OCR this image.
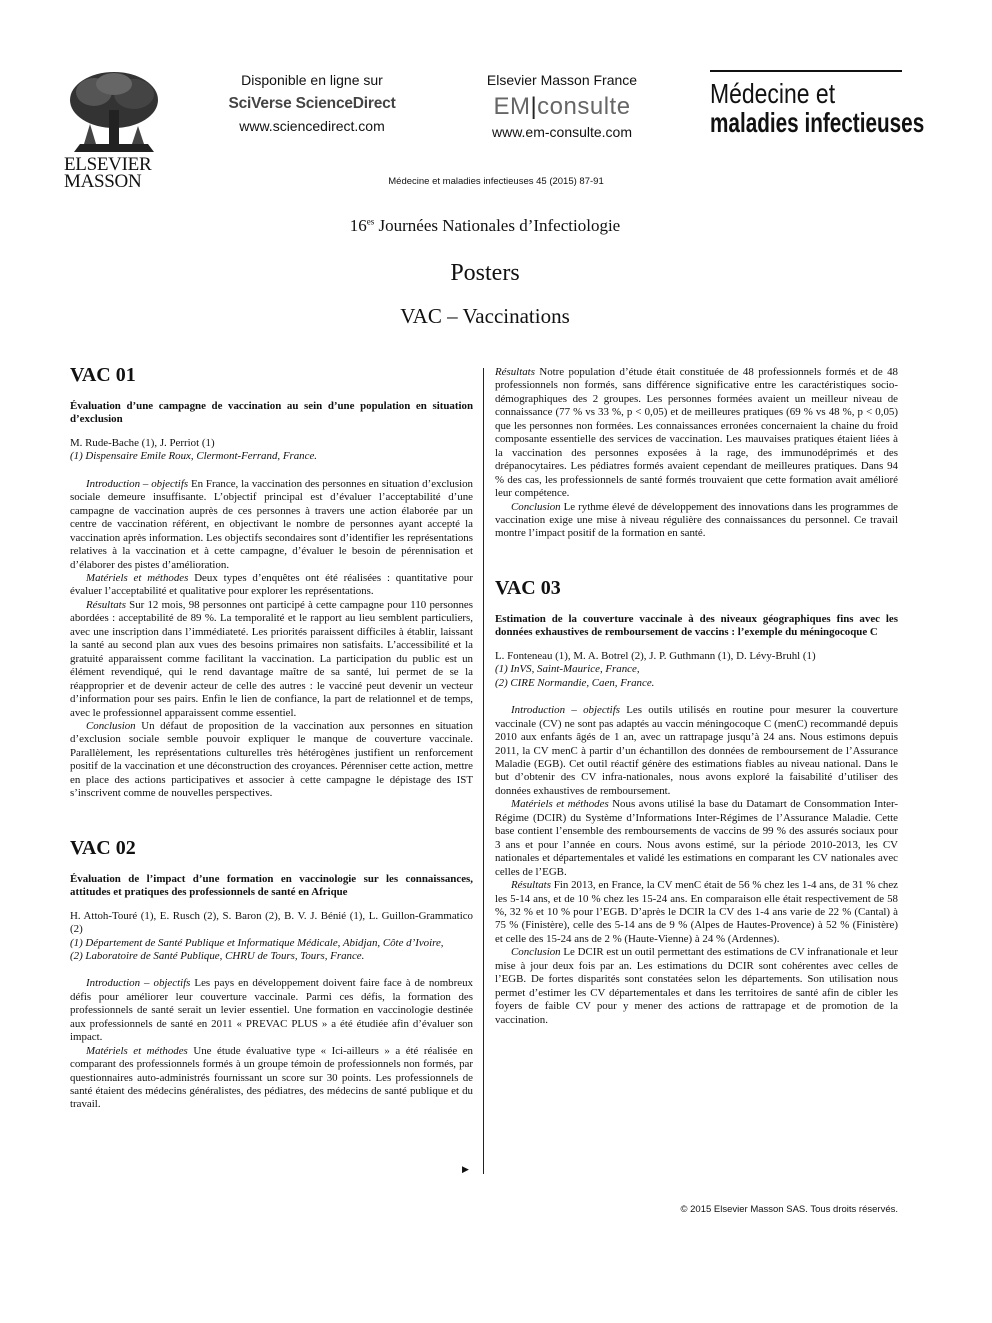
ELSEVIER
MASSON
Disponible en ligne sur
SciVerse ScienceDirect
www.sciencedirect.com
Elsevier Masson France
EM|consulte
www.em-consulte.com
Médecine et
maladies infectieuses
Médecine et maladies infectieuses 45 (2015) 87-91
$16^{es}$ Journées Nationales d’Infectiologie
Posters
VAC – Vaccinations
VAC 01
Évaluation d’une campagne de vaccination au sein d’une population en situation d’exclusion

M. Rude-Bache (1), J. Perriot (1)

(1) Dispensaire Emile Roux, Clermont-Ferrand, France.

Introduction – objectifs En France, la vaccination des personnes en situation d’exclusion sociale demeure insuffisante. L’objectif principal est d’évaluer l’acceptabilité d’une campagne de vaccination auprès de ces personnes à travers une action élaborée par un centre de vaccination référent, en objectivant le nombre de personnes ayant accepté la vaccination après information. Les objectifs secondaires sont d’identifier les représentations relatives à la vaccination et à cette campagne, d’évaluer le besoin de pérennisation et d’élaborer des pistes d’amélioration.

Matériels et méthodes Deux types d’enquêtes ont été réalisées : quantitative pour évaluer l’acceptabilité et qualitative pour explorer les représentations.

Résultats Sur 12 mois, 98 personnes ont participé à cette campagne pour 110 personnes abordées : acceptabilité de 89 %. La temporalité et le rapport au lieu semblent particuliers, avec une inscription dans l’immédiateté. Les priorités paraissent difficiles à établir, laissant la santé au second plan aux vues des besoins primaires non satisfaits. L’accessibilité et la gratuité apparaissent comme facilitant la vaccination. La participation du public est un élément revendiqué, qui le rend davantage maître de sa santé, lui permet de se la réapproprier et de devenir acteur de celle des autres : le vacciné peut devenir un vecteur d’information pour ses pairs. Enfin le lien de confiance, la part de relationnel et de temps, avec le professionnel apparaissent comme essentiel.

Conclusion Un défaut de proposition de la vaccination aux personnes en situation d’exclusion sociale semble pouvoir expliquer le manque de couverture vaccinale. Parallèlement, les représentations culturelles très hétérogènes justifient un renforcement positif de la vaccination et une déconstruction des croyances. Pérenniser cette action, mettre en place des actions participatives et associer à cette campagne le dépistage des IST s’inscrivent comme de nouvelles perspectives.

VAC 02
Évaluation de l’impact d’une formation en vaccinologie sur les connaissances, attitudes et pratiques des professionnels de santé en Afrique

H. Attoh-Touré (1), E. Rusch (2), S. Baron (2), B. V. J. Bénié (1), L. Guillon-Grammatico (2)

(1) Département de Santé Publique et Informatique Médicale, Abidjan, Côte d’Ivoire,

(2) Laboratoire de Santé Publique, CHRU de Tours, Tours, France.

Introduction – objectifs Les pays en développement doivent faire face à de nombreux défis pour améliorer leur couverture vaccinale. Parmi ces défis, la formation des professionnels de santé serait un levier essentiel. Une formation en vaccinologie destinée aux professionnels de santé en 2011 « PREVAC PLUS » a été étudiée afin d’évaluer son impact.

Matériels et méthodes Une étude évaluative type « Ici-ailleurs » a été réalisée en comparant des professionnels formés à un groupe témoin de professionnels non formés, par questionnaires auto-administrés fournissant un score sur 30 points. Les professionnels de santé étaient des médecins généralistes, des pédiatres, des médecins de santé publique et du travail.

▶

Résultats Notre population d’étude était constituée de 48 professionnels formés et de 48 professionnels non formés, sans différence significative entre les caractéristiques socio-démographiques des 2 groupes. Les personnes formées avaient un meilleur niveau de connaissance (77 % vs 33 %, p < 0,05) et de meilleures pratiques (69 % vs 48 %, p < 0,05) que les personnes non formées. Les connaissances erronées concernaient la chaine du froid composante essentielle des services de vaccination. Les mauvaises pratiques étaient liées à la vaccination des personnes exposées à la rage, des immunodéprimés et des drépanocytaires. Les pédiatres formés avaient cependant de meilleures pratiques. Dans 94 % des cas, les professionnels de santé formés trouvaient que cette formation avait amélioré leur compétence.

Conclusion Le rythme élevé de développement des innovations dans les programmes de vaccination exige une mise à niveau régulière des connaissances du personnel. Ce travail montre l’impact positif de la formation en santé.

VAC 03
Estimation de la couverture vaccinale à des niveaux géographiques fins avec les données exhaustives de remboursement de vaccins : l’exemple du méningocoque C

L. Fonteneau (1), M. A. Botrel (2), J. P. Guthmann (1), D. Lévy-Bruhl (1)

(1) InVS, Saint-Maurice, France,

(2) CIRE Normandie, Caen, France.

Introduction – objectifs Les outils utilisés en routine pour mesurer la couverture vaccinale (CV) ne sont pas adaptés au vaccin méningocoque C (menC) recommandé depuis 2010 aux enfants âgés de 1 an, avec un rattrapage jusqu’à 24 ans. Nous estimons depuis 2011, la CV menC à partir d’un échantillon des données de remboursement de l’Assurance Maladie (EGB). Cet outil réactif génère des estimations fiables au niveau national. Dans le but d’obtenir des CV infra-nationales, nous avons exploré la faisabilité d’utiliser des données exhaustives de remboursement.

Matériels et méthodes Nous avons utilisé la base du Datamart de Consommation Inter-Régime (DCIR) du Système d’Informations Inter-Régimes de l’Assurance Maladie. Cette base contient l’ensemble des remboursements de vaccins de 99 % des assurés sociaux pour 3 ans et pour l’année en cours. Nous avons estimé, sur la période 2010-2013, les CV nationales et départementales et validé les estimations en comparant les CV nationales avec celles de l’EGB.

Résultats Fin 2013, en France, la CV menC était de 56 % chez les 1-4 ans, de 31 % chez les 5-14 ans, et de 10 % chez les 15-24 ans. En comparaison elle était respectivement de 58 %, 32 % et 10 % pour l’EGB. D’après le DCIR la CV des 1-4 ans varie de 22 % (Cantal) à 75 % (Finistère), celle des 5-14 ans de 9 % (Alpes de Hautes-Provence) à 52 % (Finistère) et celle des 15-24 ans de 2 % (Haute-Vienne) à 24 % (Ardennes).

Conclusion Le DCIR est un outil permettant des estimations de CV infranationale et leur mise à jour deux fois par an. Les estimations du DCIR sont cohérentes avec celles de l’EGB. De fortes disparités sont constatées selon les départements. Son utilisation nous permet d’estimer les CV départementales et dans les territoires de santé afin de cibler les foyers de faible CV pour y mener des actions de rattrapage et de promotion de la vaccination.

© 2015 Elsevier Masson SAS. Tous droits réservés.
